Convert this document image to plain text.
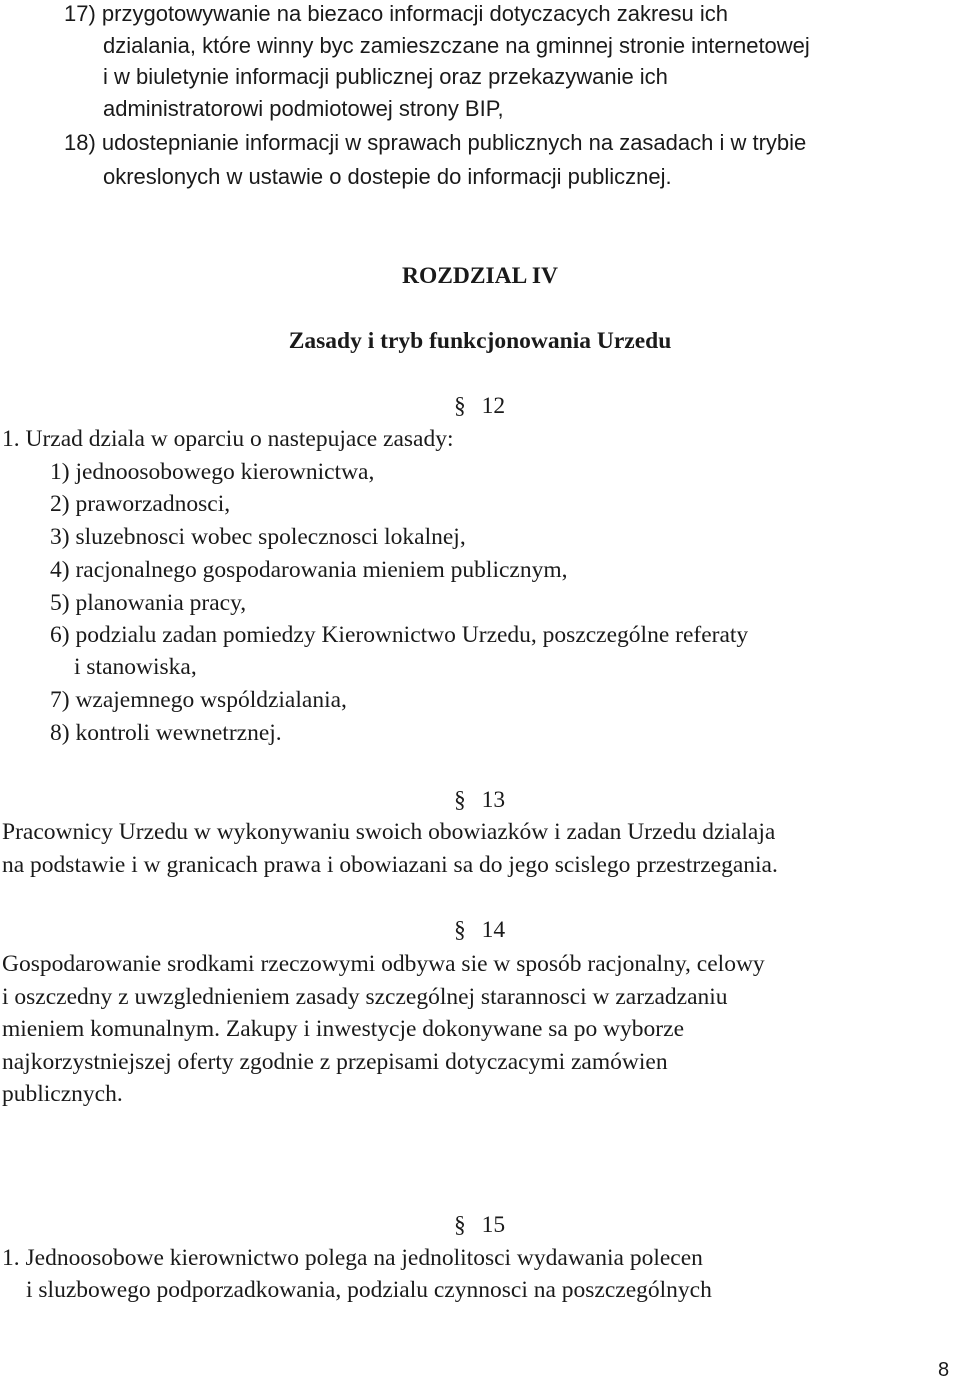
17) przygotowywanie na biezaco informacji dotyczacych zakresu ich
dzialania, które winny byc zamieszczane na gminnej stronie internetowej
i w biuletynie informacji publicznej oraz przekazywanie ich
administratorowi podmiotowej strony BIP,
18) udostepnianie informacji w sprawach publicznych na zasadach i w trybie
okreslonych w ustawie o dostepie do informacji publicznej.
ROZDZIAL IV
Zasady i tryb funkcjonowania Urzedu
§ 12
1. Urzad dziala w oparciu o nastepujace zasady:
1) jednoosobowego kierownictwa,
2) praworzadnosci,
3) sluzebnosci wobec spolecznosci lokalnej,
4) racjonalnego gospodarowania mieniem publicznym,
5) planowania pracy,
6) podzialu zadan pomiedzy Kierownictwo Urzedu, poszczególne referaty
i stanowiska,
7) wzajemnego wspóldzialania,
8) kontroli wewnetrznej.
§ 13
Pracownicy Urzedu w wykonywaniu swoich obowiazków i zadan Urzedu dzialaja
na podstawie i w granicach prawa i obowiazani sa do jego scislego przestrzegania.
§ 14
Gospodarowanie srodkami rzeczowymi odbywa sie w sposób racjonalny, celowy
i oszczedny z uwzglednieniem zasady szczególnej starannosci w zarzadzaniu
mieniem komunalnym. Zakupy i inwestycje dokonywane sa po wyborze
najkorzystniejszej oferty zgodnie z przepisami dotyczacymi zamówien
publicznych.
§ 15
1. Jednoosobowe kierownictwo polega na jednolitosci wydawania polecen
i sluzbowego podporzadkowania, podzialu czynnosci na poszczególnych
8
